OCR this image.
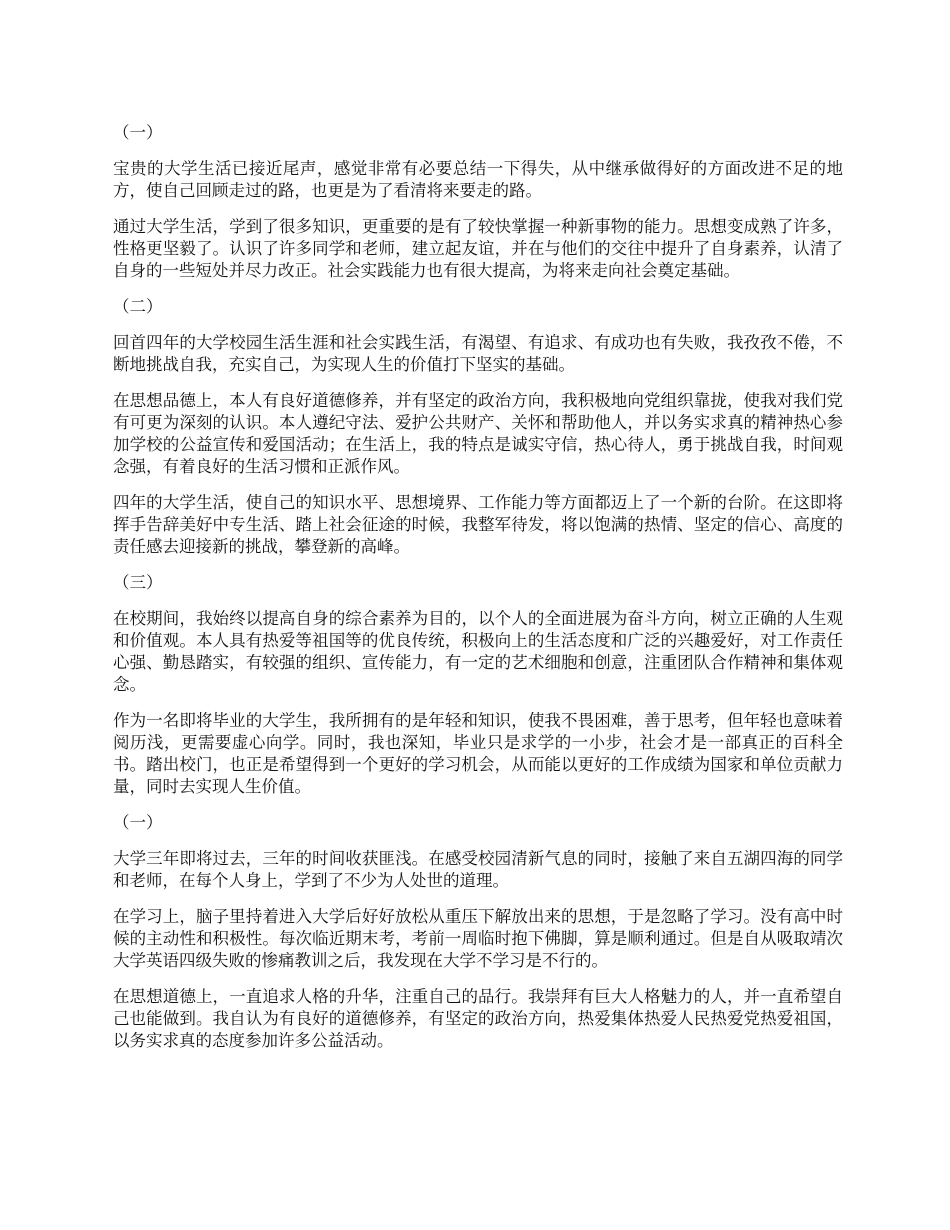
（一）

宝贵的大学生活已接近尾声，感觉非常有必要总结一下得失，从中继承做得好的方面改进不足的地方，使自己回顾走过的路，也更是为了看清将来要走的路。

通过大学生活，学到了很多知识，更重要的是有了较快掌握一种新事物的能力。思想变成熟了许多，性格更坚毅了。认识了许多同学和老师，建立起友谊，并在与他们的交往中提升了自身素养，认清了自身的一些短处并尽力改正。社会实践能力也有很大提高，为将来走向社会奠定基础。

（二）

回首四年的大学校园生活生涯和社会实践生活，有渴望、有追求、有成功也有失败，我孜孜不倦，不断地挑战自我，充实自己，为实现人生的价值打下坚实的基础。

在思想品德上，本人有良好道德修养，并有坚定的政治方向，我积极地向党组织靠拢，使我对我们党有可更为深刻的认识。本人遵纪守法、爱护公共财产、关怀和帮助他人，并以务实求真的精神热心参加学校的公益宣传和爱国活动；在生活上，我的特点是诚实守信，热心待人，勇于挑战自我，时间观念强，有着良好的生活习惯和正派作风。

四年的大学生活，使自己的知识水平、思想境界、工作能力等方面都迈上了一个新的台阶。在这即将挥手告辞美好中专生活、踏上社会征途的时候，我整军待发，将以饱满的热情、坚定的信心、高度的责任感去迎接新的挑战，攀登新的高峰。

（三）

在校期间，我始终以提高自身的综合素养为目的，以个人的全面进展为奋斗方向，树立正确的人生观和价值观。本人具有热爱等祖国等的优良传统，积极向上的生活态度和广泛的兴趣爱好，对工作责任心强、勤恳踏实，有较强的组织、宣传能力，有一定的艺术细胞和创意，注重团队合作精神和集体观念。

作为一名即将毕业的大学生，我所拥有的是年轻和知识，使我不畏困难，善于思考，但年轻也意味着阅历浅，更需要虚心向学。同时，我也深知，毕业只是求学的一小步，社会才是一部真正的百科全书。踏出校门，也正是希望得到一个更好的学习机会，从而能以更好的工作成绩为国家和单位贡献力量，同时去实现人生价值。

（一）

大学三年即将过去，三年的时间收获匪浅。在感受校园清新气息的同时，接触了来自五湖四海的同学和老师，在每个人身上，学到了不少为人处世的道理。

在学习上，脑子里持着进入大学后好好放松从重压下解放出来的思想，于是忽略了学习。没有高中时候的主动性和积极性。每次临近期末考，考前一周临时抱下佛脚，算是顺利通过。但是自从吸取靖次大学英语四级失败的惨痛教训之后，我发现在大学不学习是不行的。

在思想道德上，一直追求人格的升华，注重自己的品行。我崇拜有巨大人格魅力的人，并一直希望自己也能做到。我自认为有良好的道德修养，有坚定的政治方向，热爱集体热爱人民热爱党热爱祖国，以务实求真的态度参加许多公益活动。
